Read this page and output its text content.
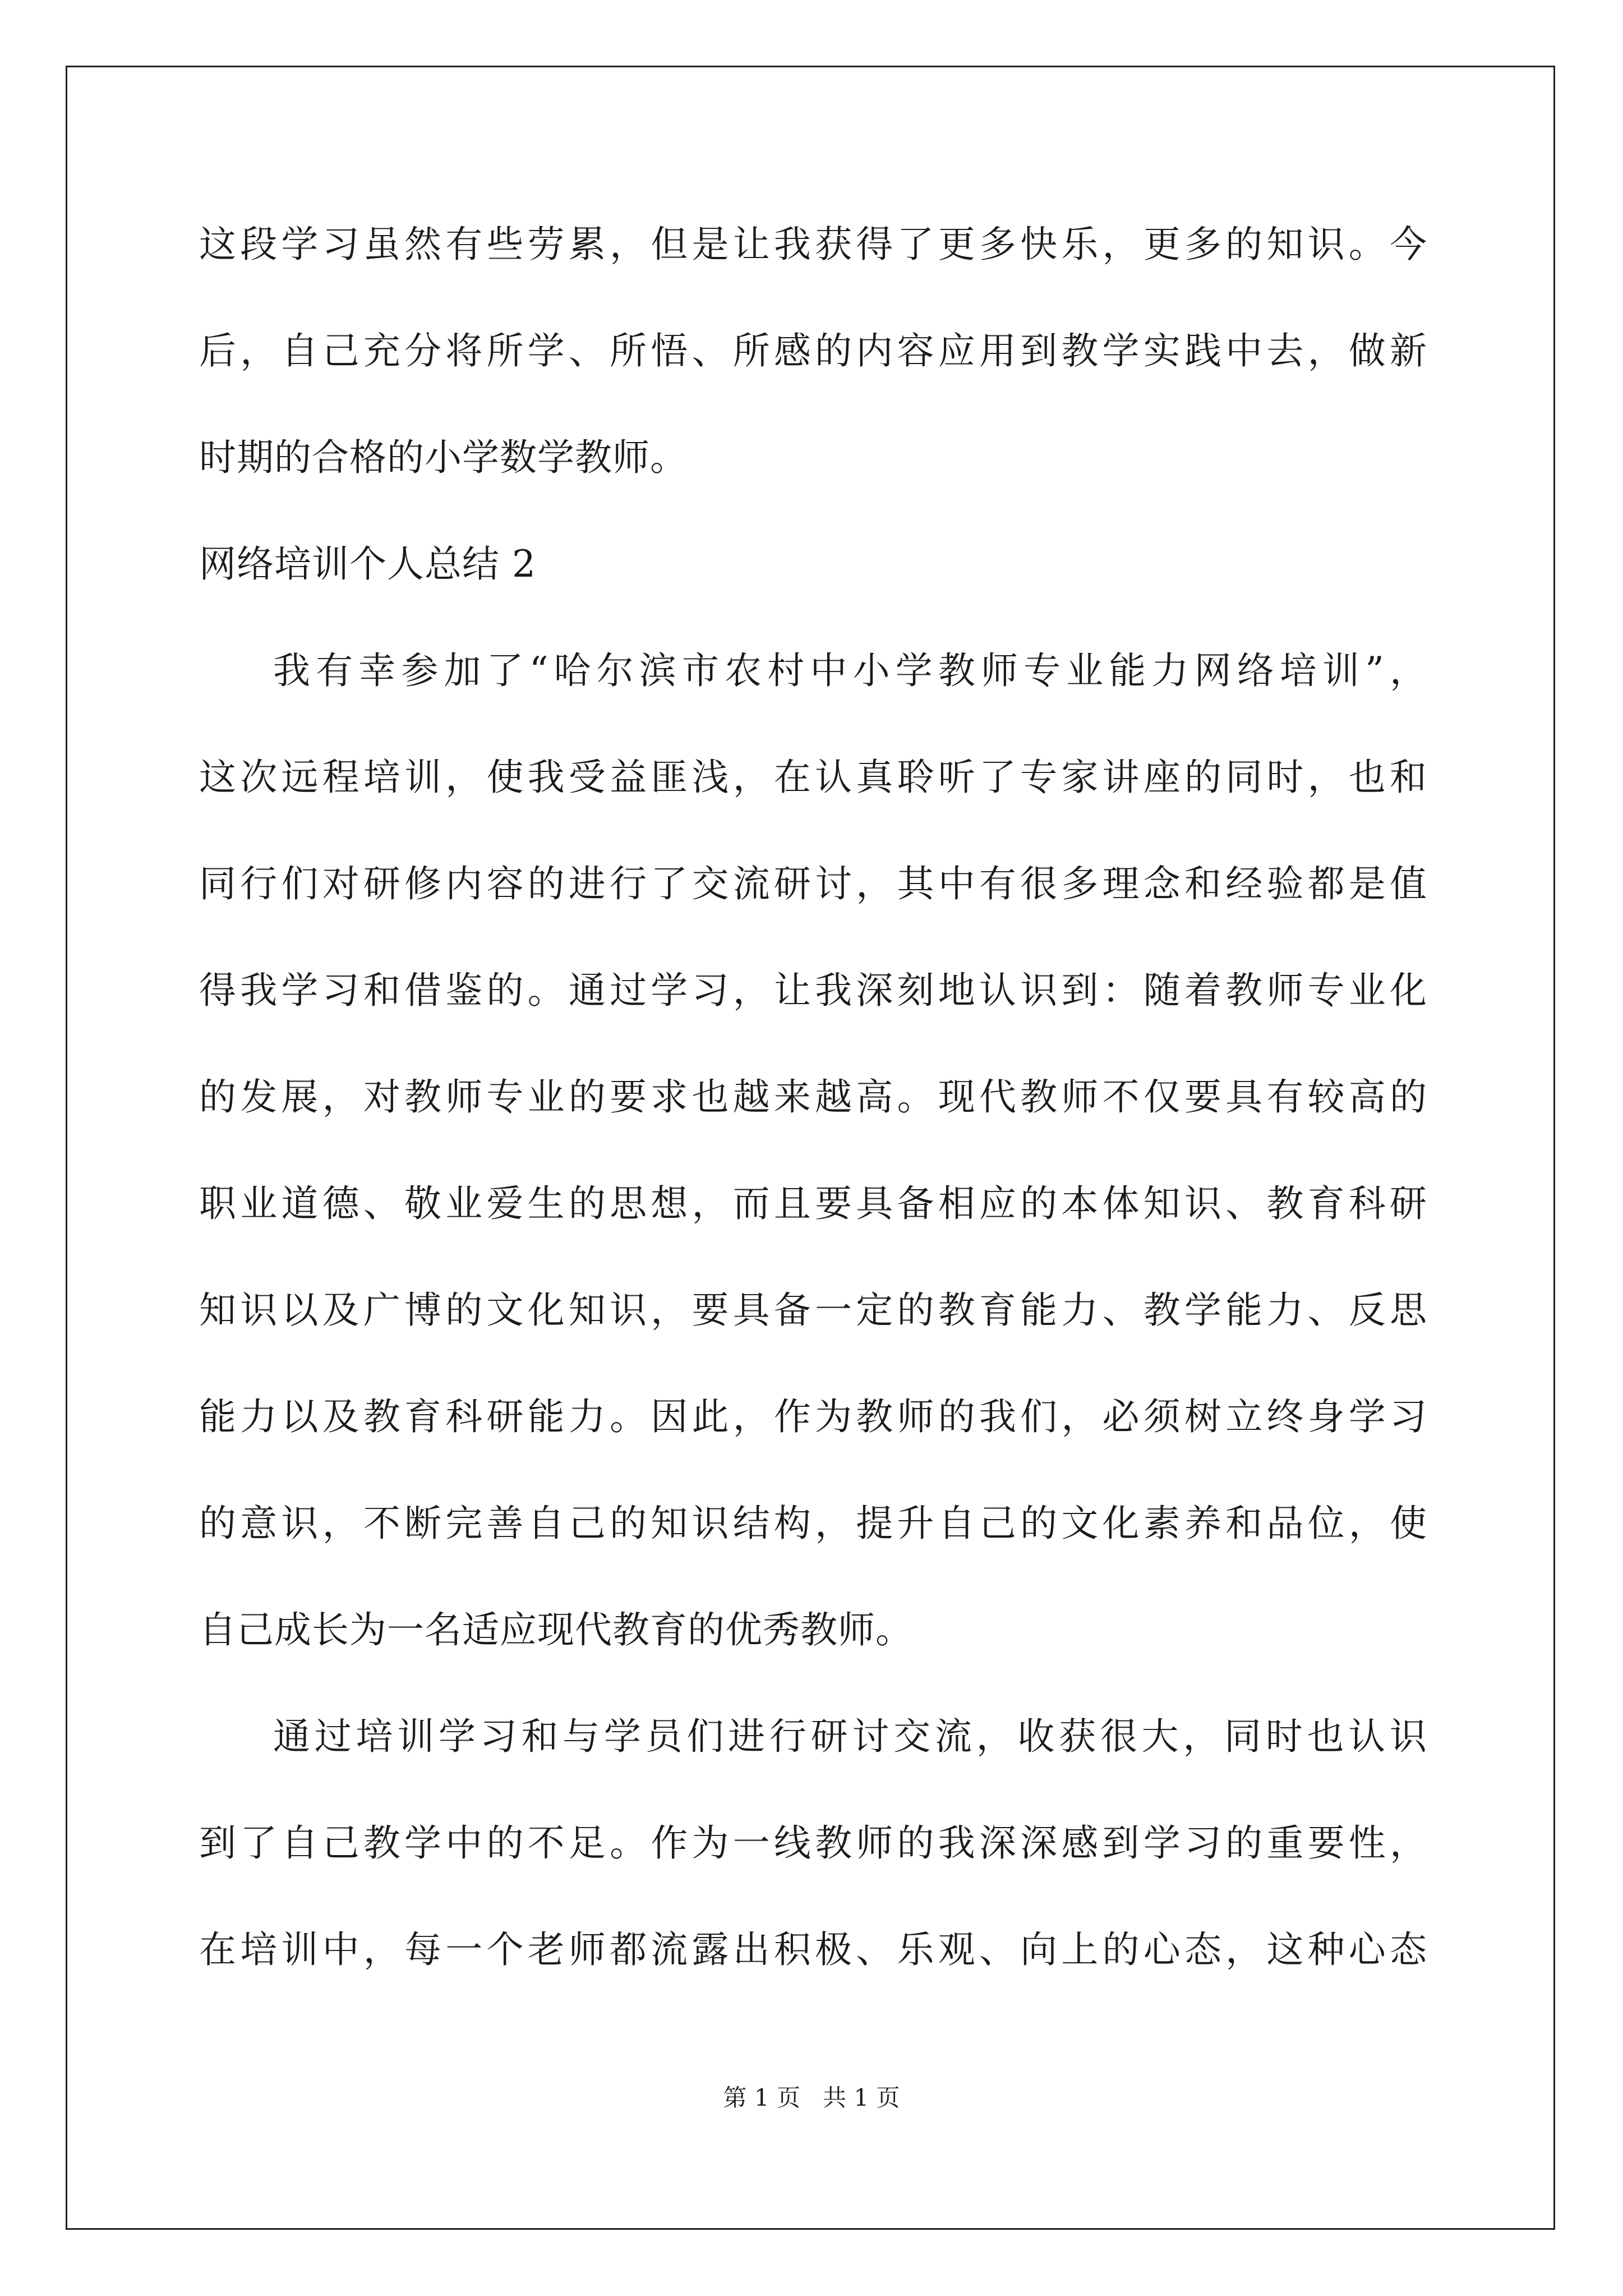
这段学习虽然有些劳累，但是让我获得了更多快乐，更多的知识。今
后，自己充分将所学、所悟、所感的内容应用到教学实践中去，做新
时期的合格的小学数学教师。
网络培训个人总结 2
我有幸参加了“哈尔滨市农村中小学教师专业能力网络培训”，
这次远程培训，使我受益匪浅，在认真聆听了专家讲座的同时，也和
同行们对研修内容的进行了交流研讨，其中有很多理念和经验都是值
得我学习和借鉴的。通过学习，让我深刻地认识到：随着教师专业化
的发展，对教师专业的要求也越来越高。现代教师不仅要具有较高的
职业道德、敬业爱生的思想，而且要具备相应的本体知识、教育科研
知识以及广博的文化知识，要具备一定的教育能力、教学能力、反思
能力以及教育科研能力。因此，作为教师的我们，必须树立终身学习
的意识，不断完善自己的知识结构，提升自己的文化素养和品位，使
自己成长为一名适应现代教育的优秀教师。
通过培训学习和与学员们进行研讨交流，收获很大，同时也认识
到了自己教学中的不足。作为一线教师的我深深感到学习的重要性，
在培训中，每一个老师都流露出积极、乐观、向上的心态，这种心态
第 1 页   共 1 页
